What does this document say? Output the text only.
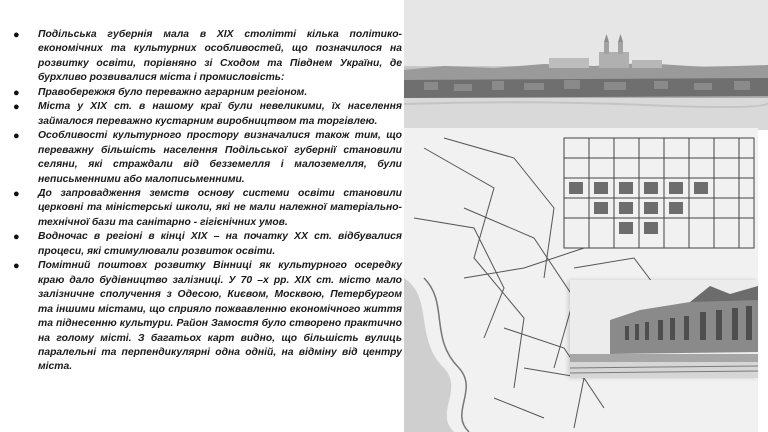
● Подільська губернія мала в ХІХ столітті кілька політико-економічних та культурних особливостей, що позначилося на розвитку освіти, порівняно зі Сходом та Півднем України, де бурхливо розвивалися міста і промисловість:
● Правобережжя було переважно аграрним регіоном.
● Міста у ХІХ ст. в нашому краї були невеликими, їх населення займалося переважно кустарним виробництвом та торгівлею.
● Особливості культурного простору визначалися також тим, що переважну більшість населення Подільської губернії становили селяни, які страждали від безземелля і малоземелля, були неписьменними або малописьменними.
● До запровадження земств основу системи освіти становили церковні та міністерські школи, які не мали належної матеріально-технічної бази та санітарно - гігієнічних умов.
● Водночас в регіоні в кінці ХІХ – на початку ХХ ст. відбувалися процеси, які стимулювали розвиток освіти.
● Помітний поштовх розвитку Вінниці як культурного осередку краю дало будівництво залізниці. У 70 –х рр. ХІХ ст. місто мало залізничне сполучення з Одесою, Києвом, Москвою, Петербургом та іншими містами, що сприяло пожвавленню економічного життя та піднесенню культури. Район Замостя було створено практично на голому місті. З багатьох карт видно, що більшість вулиць паралельні та перпендикулярні одна одній, на відміну від центру міста.
